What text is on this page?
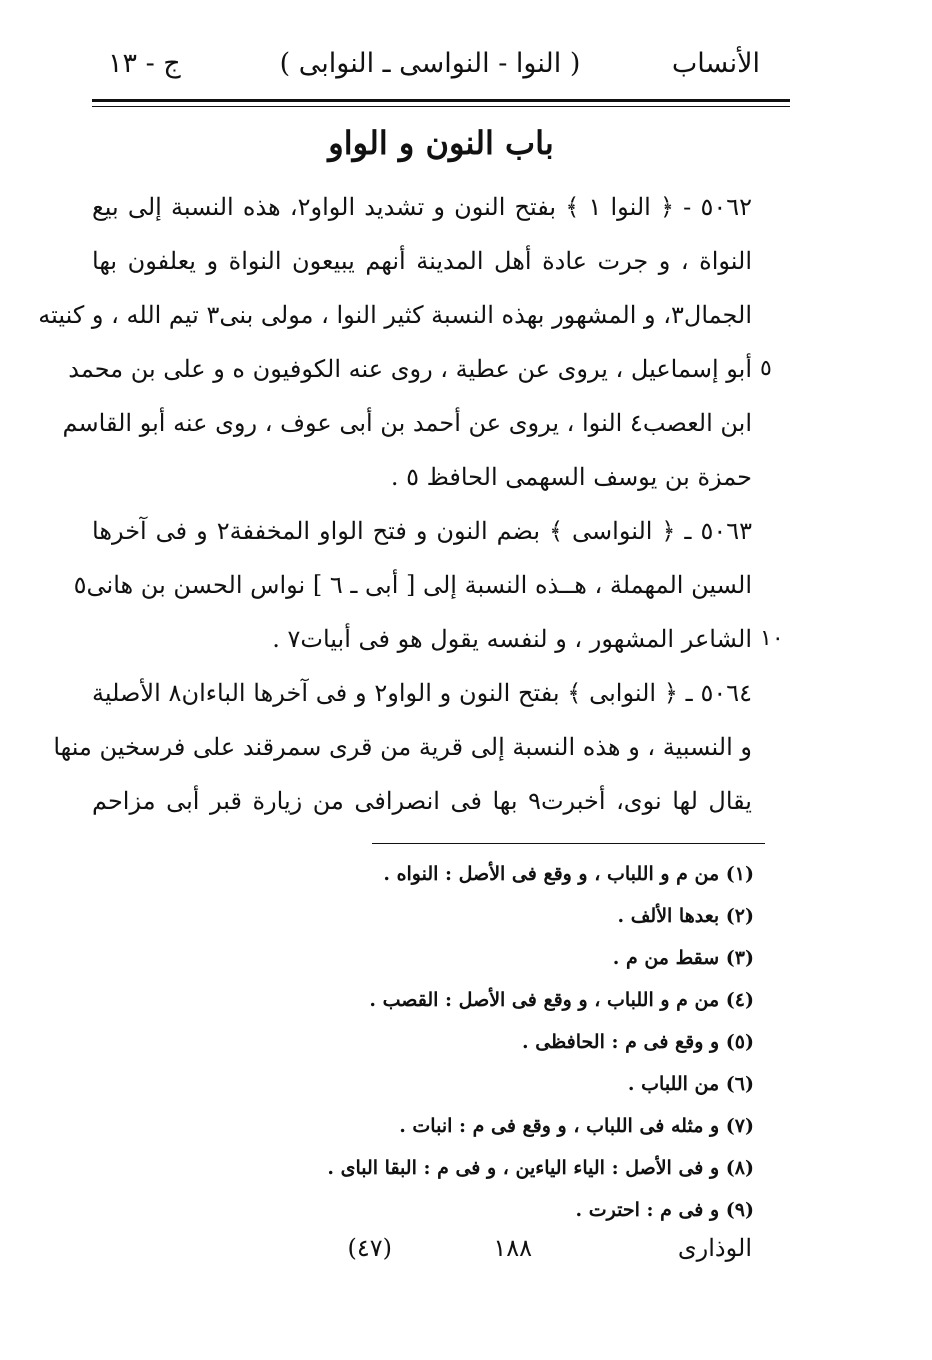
الأنساب
( النوا - النواسى ـ النوابى )
ج - ١٣
باب النون و الواو
٥٠٦٢ - ﴿ النوا ١ ﴾ بفتح النون و تشديد الواو٢، هذه النسبة إلى بيع
النواة ، و جرت عادة أهل المدينة أنهم يبيعون النواة و يعلفون بها
الجمال٣، و المشهور بهذه النسبة كثير النوا ، مولى بنى٣ تيم الله ، و كنيته
أبو إسماعيل ، يروى عن عطية ، روى عنه الكوفيون ه و على بن محمد ٥
ابن العصب٤ النوا ، يروى عن أحمد بن أبى عوف ، روى عنه أبو القاسم
حمزة بن يوسف السهمى الحافظ ٥ .
٥٠٦٣ ـ ﴿ النواسى ﴾ بضم النون و فتح الواو المخففة٢ و فى آخرها
السين المهملة ، هــذه النسبة إلى [ أبى ـ ٦ ] نواس الحسن بن هانى٥
الشاعر المشهور ، و لنفسه يقول هو فى أبيات٧ . ١٠
٥٠٦٤ ـ ﴿ النوابى ﴾ بفتح النون و الواو٢ و فى آخرها الباءان٨ الأصلية
و النسبية ، و هذه النسبة إلى قرية من قرى سمرقند على فرسخين منها
يقال لها نوى، أخبرت٩ بها فى انصرافى من زيارة قبر أبى مزاحم
(١) من م و اللباب ، و وقع فى الأصل : النواه .
(٢) بعدها الألف .
(٣) سقط من م .
(٤) من م و اللباب ، و وقع فى الأصل : القصب .
(٥) و وقع فى م : الحافظى .
(٦) من اللباب .
(٧) و مثله فى اللباب ، و وقع فى م : انبات .
(٨) و فى الأصل : الياء الياءين ، و فى م : البقا الباى .
(٩) و فى م : احترت .
١٨٨
(٤٧)	الوذارى
